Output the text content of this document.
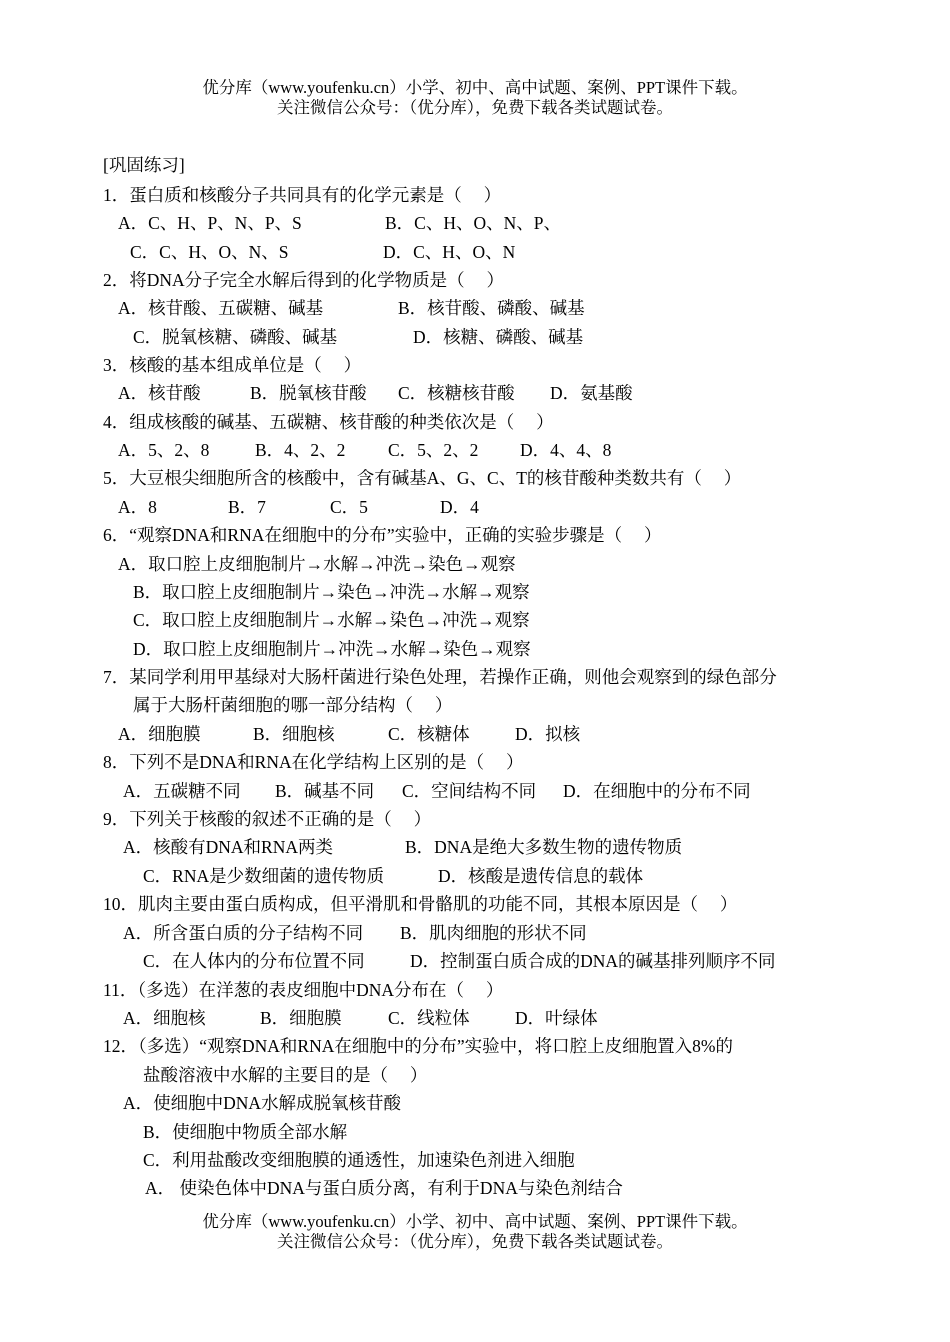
优分库（www.youfenku.cn）小学、初中、高中试题、案例、PPT课件下载。
关注微信公众号：（优分库），免费下载各类试题试卷。
[巩固练习]
1．蛋白质和核酸分子共同具有的化学元素是（　 ）
A．C、H、P、N、P、S	B．C、H、O、N、P、
C．C、H、O、N、S	D．C、H、O、N
2．将DNA分子完全水解后得到的化学物质是（　 ）
A．核苷酸、五碳糖、碱基	B．核苷酸、磷酸、碱基
C．脱氧核糖、磷酸、碱基	D．核糖、磷酸、碱基
3．核酸的基本组成单位是（　 ）
A．核苷酸	B．脱氧核苷酸 C．核糖核苷酸 D．氨基酸
4．组成核酸的碱基、五碳糖、核苷酸的种类依次是（　 ）
A．5、2、8	B．4、2、2 C．5、2、2 D．4、4、8
5．大豆根尖细胞所含的核酸中，含有碱基A、G、C、T的核苷酸种类数共有（　 ）
A．8	B．7	C．5	D．4
6．“观察DNA和RNA在细胞中的分布”实验中，正确的实验步骤是（　 ）
A．取口腔上皮细胞制片→水解→冲洗→染色→观察
B．取口腔上皮细胞制片→染色→冲洗→水解→观察
C．取口腔上皮细胞制片→水解→染色→冲洗→观察
D．取口腔上皮细胞制片→冲洗→水解→染色→观察
7．某同学利用甲基绿对大肠杆菌进行染色处理，若操作正确，则他会观察到的绿色部分
属于大肠杆菌细胞的哪一部分结构（　 ）
A．细胞膜	B．细胞核	C．核糖体	D．拟核
8．下列不是DNA和RNA在化学结构上区别的是（　 ）
A．五碳糖不同 B．碱基不同 C．空间结构不同 D．在细胞中的分布不同
9．下列关于核酸的叙述不正确的是（　 ）
A．核酸有DNA和RNA两类	B．DNA是绝大多数生物的遗传物质
C．RNA是少数细菌的遗传物质	D．核酸是遗传信息的载体
10．肌肉主要由蛋白质构成，但平滑肌和骨骼肌的功能不同，其根本原因是（　 ）
A．所含蛋白质的分子结构不同 B．肌肉细胞的形状不同
C．在人体内的分布位置不同	D．控制蛋白质合成的DNA的碱基排列顺序不同
11．（多选）在洋葱的表皮细胞中DNA分布在（　 ）
A．细胞核	B．细胞膜	C．线粒体	D．叶绿体
12．（多选）“观察DNA和RNA在细胞中的分布”实验中，将口腔上皮细胞置入8%的
盐酸溶液中水解的主要目的是（　 ）
A．使细胞中DNA水解成脱氧核苷酸
B．使细胞中物质全部水解
C．利用盐酸改变细胞膜的通透性，加速染色剂进入细胞
A． 使染色体中DNA与蛋白质分离，有利于DNA与染色剂结合
优分库（www.youfenku.cn）小学、初中、高中试题、案例、PPT课件下载。
关注微信公众号：（优分库），免费下载各类试题试卷。
